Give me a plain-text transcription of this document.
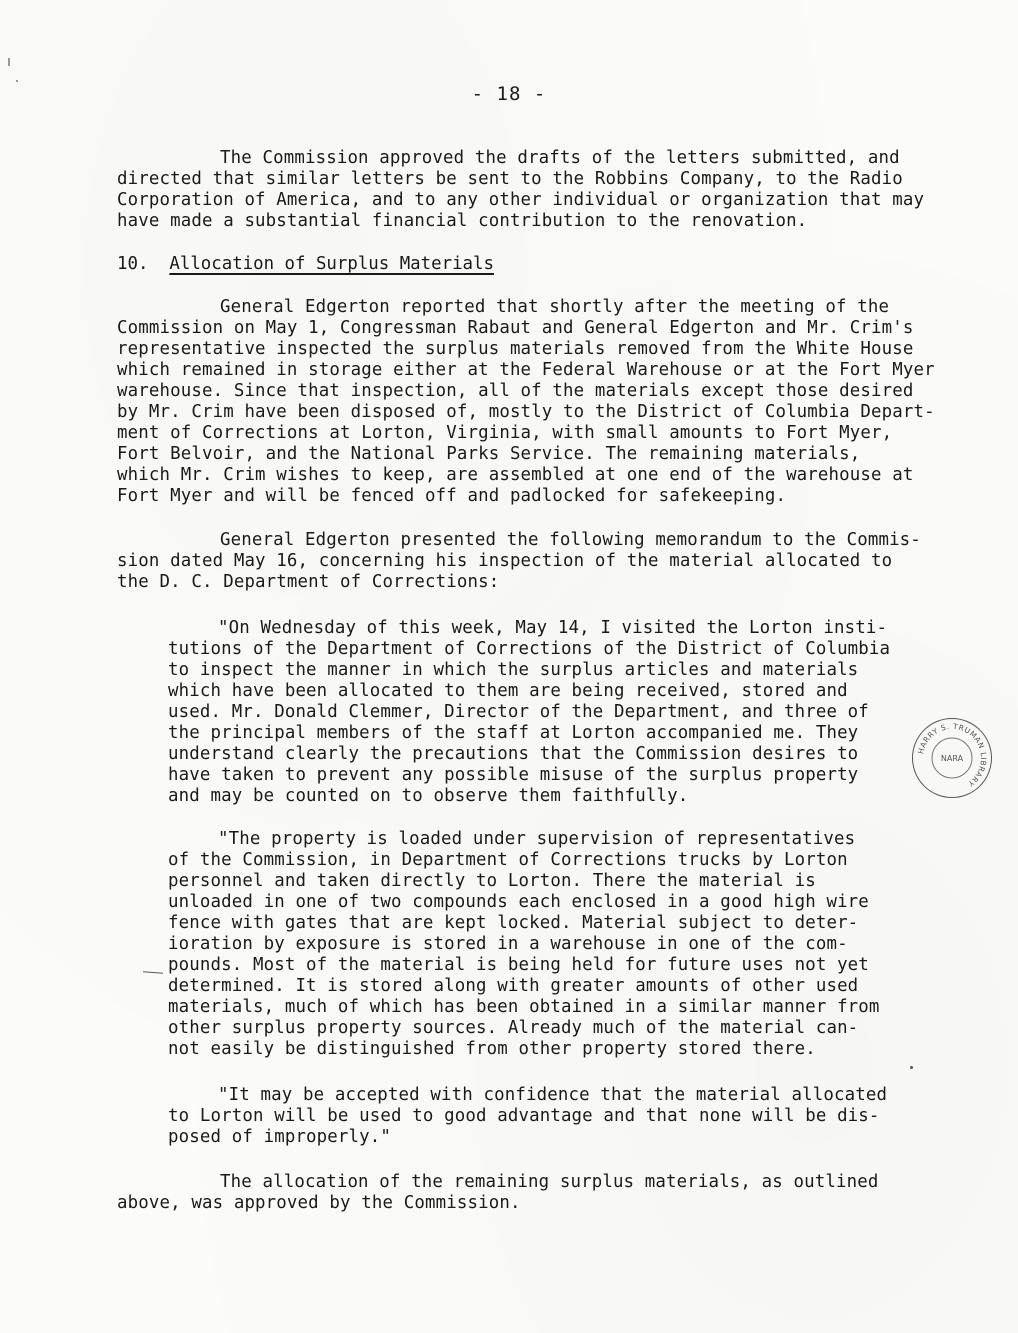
- 18 -
The Commission approved the drafts of the letters submitted, and
directed that similar letters be sent to the Robbins Company, to the Radio
Corporation of America, and to any other individual or organization that may
have made a substantial financial contribution to the renovation.
10. Allocation of Surplus Materials
General Edgerton reported that shortly after the meeting of the
Commission on May 1, Congressman Rabaut and General Edgerton and Mr. Crim's
representative inspected the surplus materials removed from the White House
which remained in storage either at the Federal Warehouse or at the Fort Myer
warehouse. Since that inspection, all of the materials except those desired
by Mr. Crim have been disposed of, mostly to the District of Columbia Depart-
ment of Corrections at Lorton, Virginia, with small amounts to Fort Myer,
Fort Belvoir, and the National Parks Service. The remaining materials,
which Mr. Crim wishes to keep, are assembled at one end of the warehouse at
Fort Myer and will be fenced off and padlocked for safekeeping.
General Edgerton presented the following memorandum to the Commis-
sion dated May 16, concerning his inspection of the material allocated to
the D. C. Department of Corrections:
"On Wednesday of this week, May 14, I visited the Lorton insti-
tutions of the Department of Corrections of the District of Columbia
to inspect the manner in which the surplus articles and materials
which have been allocated to them are being received, stored and
used. Mr. Donald Clemmer, Director of the Department, and three of
the principal members of the staff at Lorton accompanied me. They
understand clearly the precautions that the Commission desires to
have taken to prevent any possible misuse of the surplus property
and may be counted on to observe them faithfully.
"The property is loaded under supervision of representatives
of the Commission, in Department of Corrections trucks by Lorton
personnel and taken directly to Lorton. There the material is
unloaded in one of two compounds each enclosed in a good high wire
fence with gates that are kept locked. Material subject to deter-
ioration by exposure is stored in a warehouse in one of the com-
pounds. Most of the material is being held for future uses not yet
determined. It is stored along with greater amounts of other used
materials, much of which has been obtained in a similar manner from
other surplus property sources. Already much of the material can-
not easily be distinguished from other property stored there.
"It may be accepted with confidence that the material allocated
to Lorton will be used to good advantage and that none will be dis-
posed of improperly."
The allocation of the remaining surplus materials, as outlined
above, was approved by the Commission.
HARRY S. TRUMAN LIBRARY
NARA
